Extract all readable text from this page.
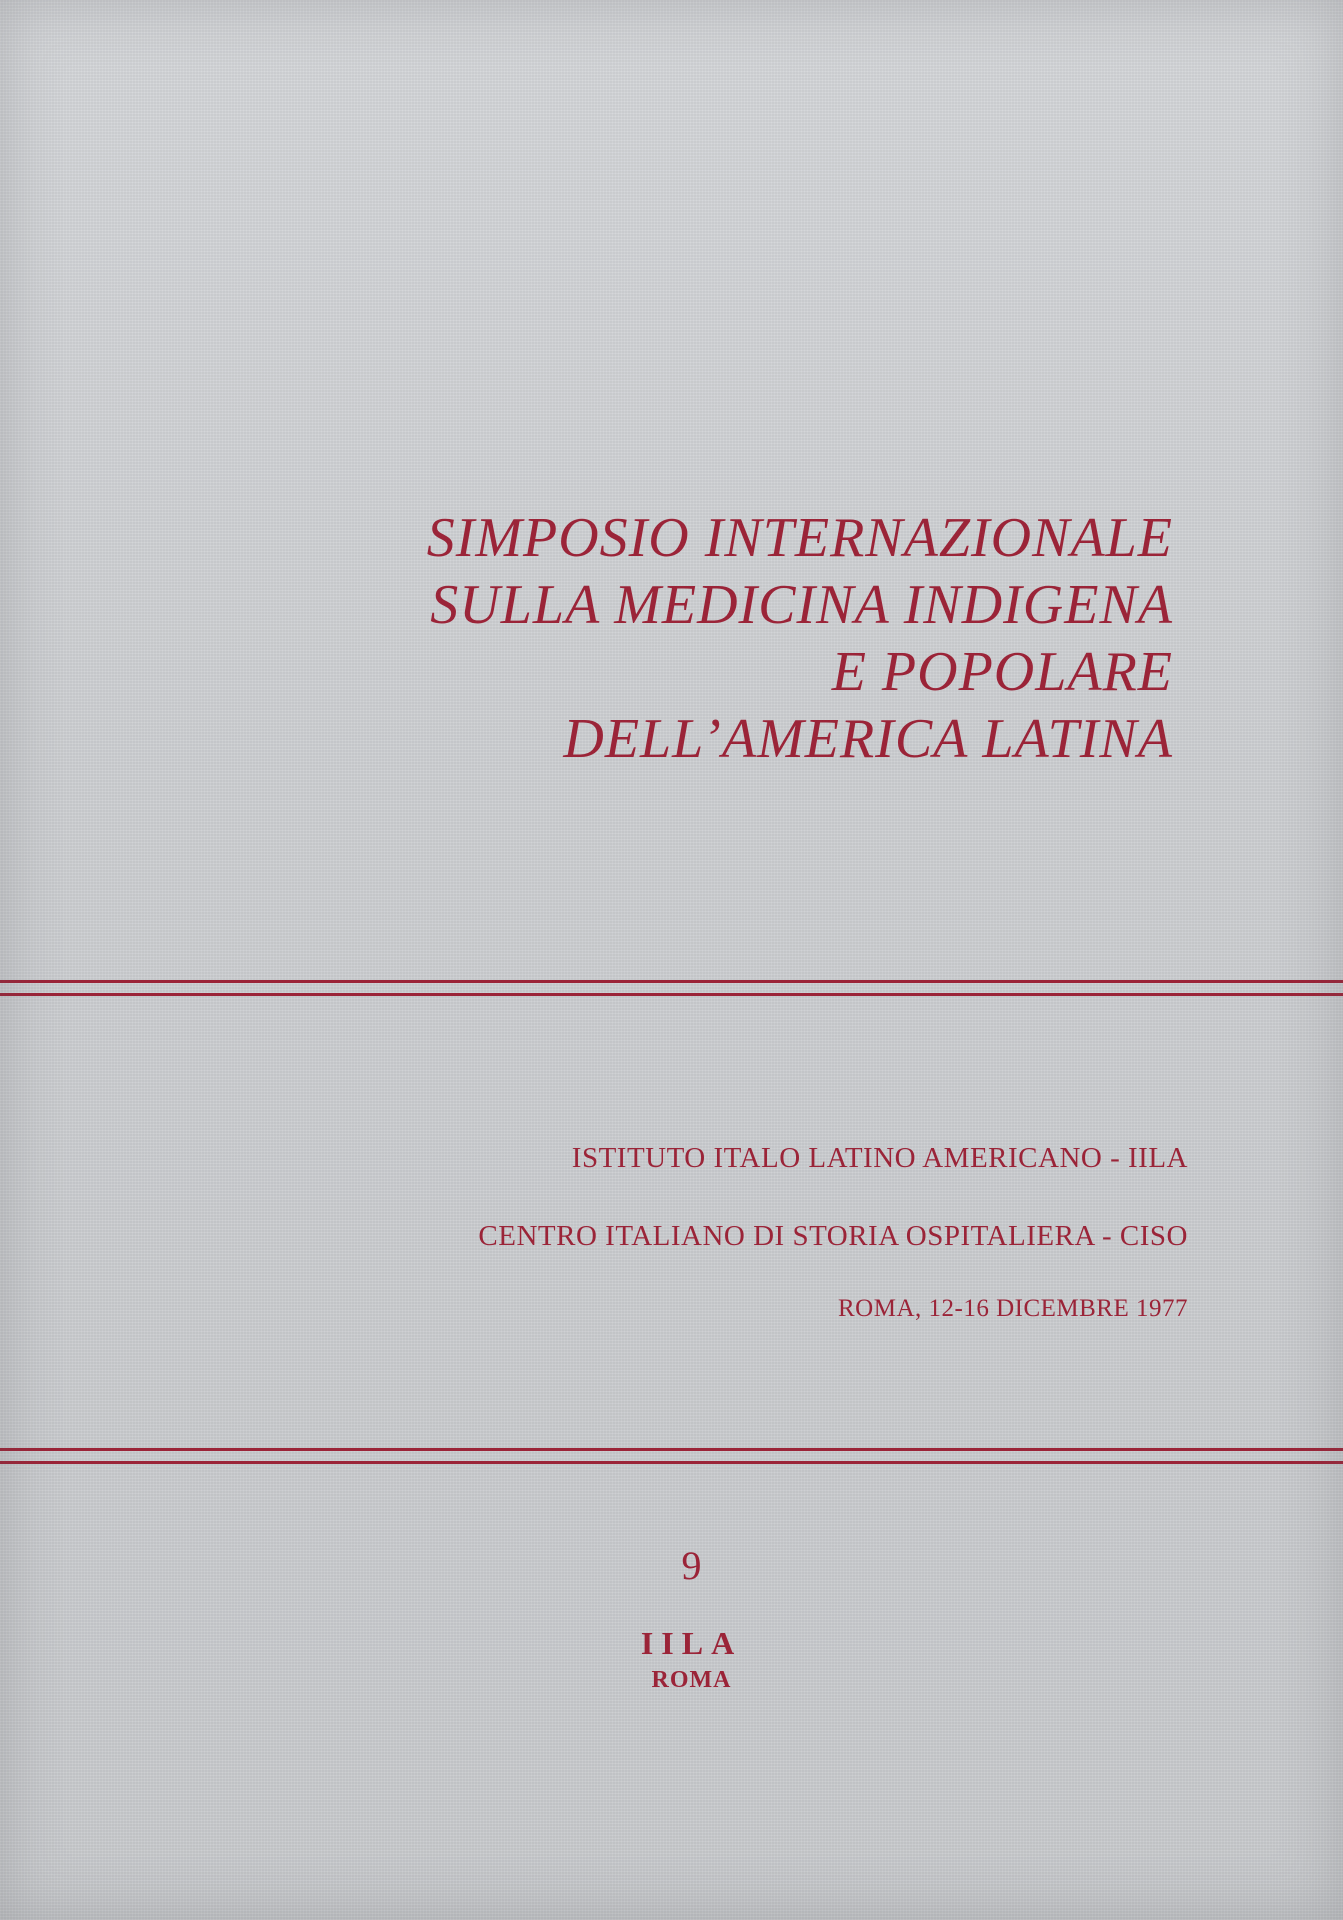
SIMPOSIO INTERNAZIONALE
SULLA MEDICINA INDIGENA
E POPOLARE
DELL’AMERICA LATINA
ISTITUTO ITALO LATINO AMERICANO - IILA
CENTRO ITALIANO DI STORIA OSPITALIERA - CISO
ROMA, 12-16 DICEMBRE 1977
9
IILA
ROMA
